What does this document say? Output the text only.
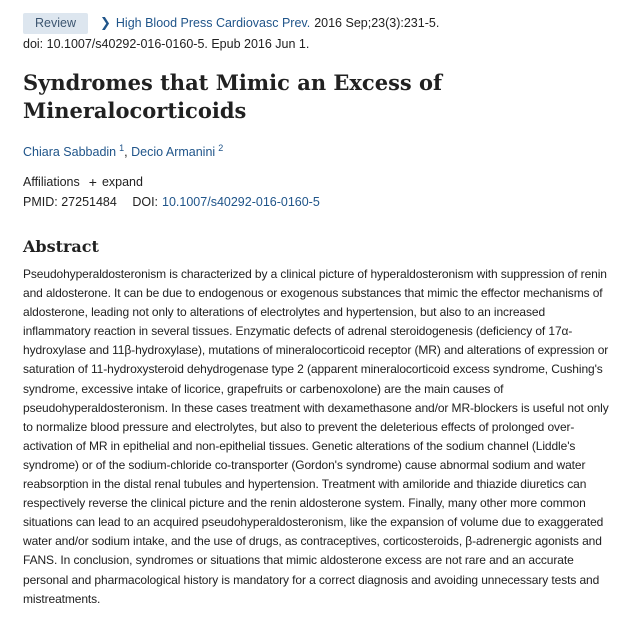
Review	❯ High Blood Press Cardiovasc Prev. 2016 Sep;23(3):231-5.
doi: 10.1007/s40292-016-0160-5. Epub 2016 Jun 1.
Syndromes that Mimic an Excess of Mineralocorticoids
Chiara Sabbadin $^1$, Decio Armanini $^2$
Affiliations + expand
PMID: 27251484 DOI: 10.1007/s40292-016-0160-5
Abstract
Pseudohyperaldosteronism is characterized by a clinical picture of hyperaldosteronism with suppression of renin and aldosterone. It can be due to endogenous or exogenous substances that mimic the effector mechanisms of aldosterone, leading not only to alterations of electrolytes and hypertension, but also to an increased inflammatory reaction in several tissues. Enzymatic defects of adrenal steroidogenesis (deficiency of 17α-hydroxylase and 11β-hydroxylase), mutations of mineralocorticoid receptor (MR) and alterations of expression or saturation of 11-hydroxysteroid dehydrogenase type 2 (apparent mineralocorticoid excess syndrome, Cushing's syndrome, excessive intake of licorice, grapefruits or carbenoxolone) are the main causes of pseudohyperaldosteronism. In these cases treatment with dexamethasone and/or MR-blockers is useful not only to normalize blood pressure and electrolytes, but also to prevent the deleterious effects of prolonged over-activation of MR in epithelial and non-epithelial tissues. Genetic alterations of the sodium channel (Liddle's syndrome) or of the sodium-chloride co-transporter (Gordon's syndrome) cause abnormal sodium and water reabsorption in the distal renal tubules and hypertension. Treatment with amiloride and thiazide diuretics can respectively reverse the clinical picture and the renin aldosterone system. Finally, many other more common situations can lead to an acquired pseudohyperaldosteronism, like the expansion of volume due to exaggerated water and/or sodium intake, and the use of drugs, as contraceptives, corticosteroids, β-adrenergic agonists and FANS. In conclusion, syndromes or situations that mimic aldosterone excess are not rare and an accurate personal and pharmacological history is mandatory for a correct diagnosis and avoiding unnecessary tests and mistreatments.
